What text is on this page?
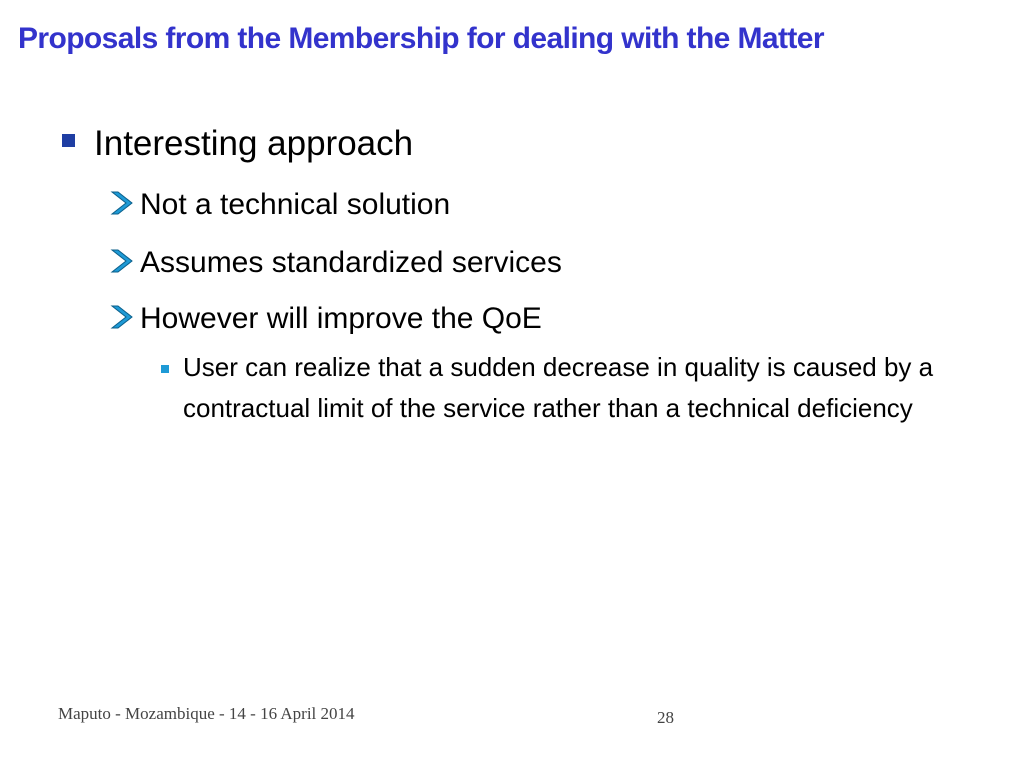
Proposals from the Membership for dealing with the Matter
Interesting approach
Not a technical solution
Assumes standardized services
However will improve the QoE
User can realize that a sudden decrease in quality is caused by a contractual limit of the service rather than a technical deficiency
Maputo - Mozambique - 14 - 16 April 2014	28
